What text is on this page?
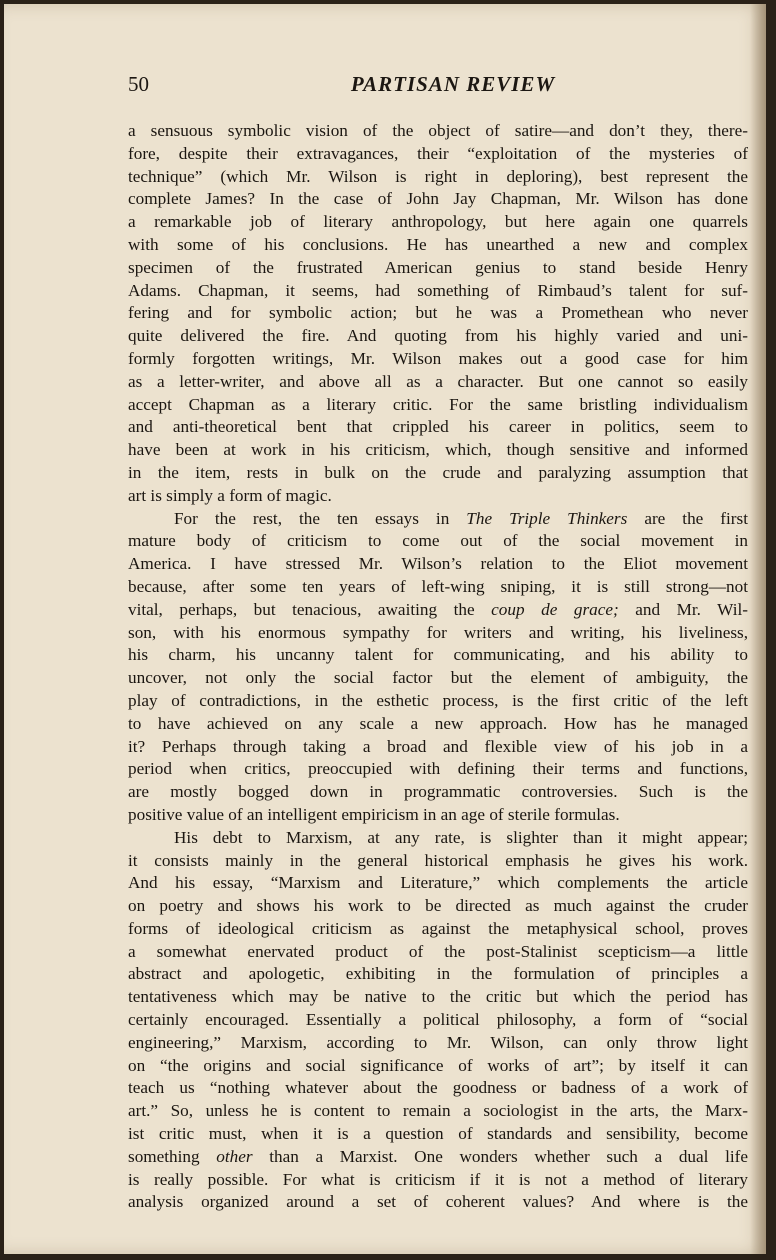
50	PARTISAN REVIEW
a sensuous symbolic vision of the object of satire—and don’t they, there-
fore, despite their extravagances, their “exploitation of the mysteries of
technique” (which Mr. Wilson is right in deploring), best represent the
complete James? In the case of John Jay Chapman, Mr. Wilson has done
a remarkable job of literary anthropology, but here again one quarrels
with some of his conclusions. He has unearthed a new and complex
specimen of the frustrated American genius to stand beside Henry
Adams. Chapman, it seems, had something of Rimbaud’s talent for suf-
fering and for symbolic action; but he was a Promethean who never
quite delivered the fire. And quoting from his highly varied and uni-
formly forgotten writings, Mr. Wilson makes out a good case for him
as a letter-writer, and above all as a character. But one cannot so easily
accept Chapman as a literary critic. For the same bristling individualism
and anti-theoretical bent that crippled his career in politics, seem to
have been at work in his criticism, which, though sensitive and informed
in the item, rests in bulk on the crude and paralyzing assumption that
art is simply a form of magic.
For the rest, the ten essays in The Triple Thinkers are the first
mature body of criticism to come out of the social movement in
America. I have stressed Mr. Wilson’s relation to the Eliot movement
because, after some ten years of left-wing sniping, it is still strong—not
vital, perhaps, but tenacious, awaiting the coup de grace; and Mr. Wil-
son, with his enormous sympathy for writers and writing, his liveliness,
his charm, his uncanny talent for communicating, and his ability to
uncover, not only the social factor but the element of ambiguity, the
play of contradictions, in the esthetic process, is the first critic of the left
to have achieved on any scale a new approach. How has he managed
it? Perhaps through taking a broad and flexible view of his job in a
period when critics, preoccupied with defining their terms and functions,
are mostly bogged down in programmatic controversies. Such is the
positive value of an intelligent empiricism in an age of sterile formulas.
His debt to Marxism, at any rate, is slighter than it might appear;
it consists mainly in the general historical emphasis he gives his work.
And his essay, “Marxism and Literature,” which complements the article
on poetry and shows his work to be directed as much against the cruder
forms of ideological criticism as against the metaphysical school, proves
a somewhat enervated product of the post-Stalinist scepticism—a little
abstract and apologetic, exhibiting in the formulation of principles a
tentativeness which may be native to the critic but which the period has
certainly encouraged. Essentially a political philosophy, a form of “social
engineering,” Marxism, according to Mr. Wilson, can only throw light
on “the origins and social significance of works of art”; by itself it can
teach us “nothing whatever about the goodness or badness of a work of
art.” So, unless he is content to remain a sociologist in the arts, the Marx-
ist critic must, when it is a question of standards and sensibility, become
something other than a Marxist. One wonders whether such a dual life
is really possible. For what is criticism if it is not a method of literary
analysis organized around a set of coherent values? And where is the
